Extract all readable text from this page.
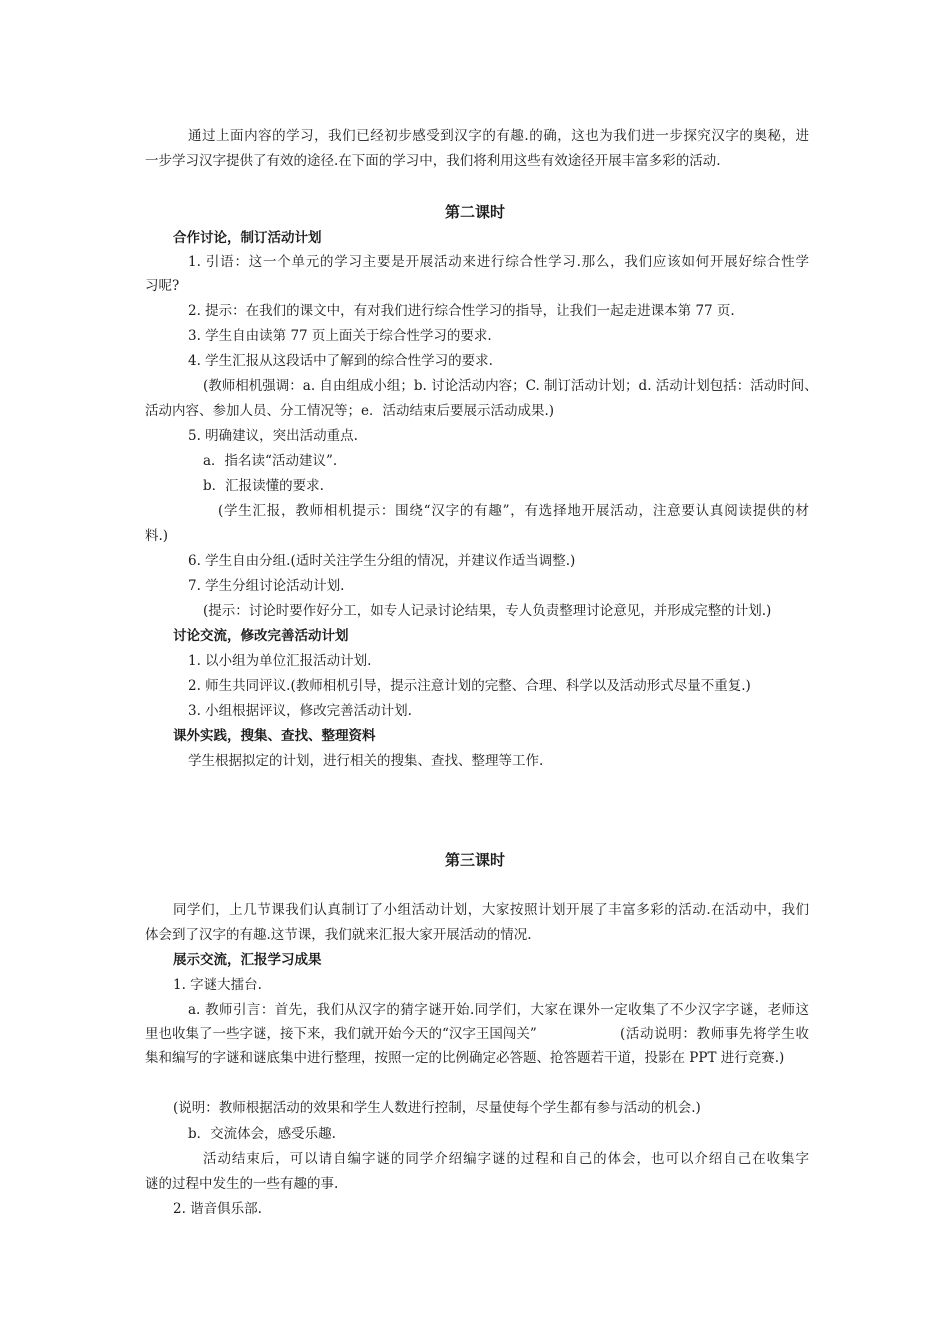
通过上面内容的学习，我们已经初步感受到汉字的有趣.的确，这也为我们进一步探究汉字的奥秘，进
一步学习汉字提供了有效的途径.在下面的学习中，我们将利用这些有效途径开展丰富多彩的活动.
第二课时
合作讨论，制订活动计划
1. 引语：这一个单元的学习主要是开展活动来进行综合性学习.那么，我们应该如何开展好综合性学
习呢?
2. 提示：在我们的课文中，有对我们进行综合性学习的指导，让我们一起走进课本第 77 页.
3. 学生自由读第 77 页上面关于综合性学习的要求.
4. 学生汇报从这段话中了解到的综合性学习的要求.
(教师相机强调：a. 自由组成小组；b. 讨论活动内容；C. 制订活动计划；d. 活动计划包括：活动时间、
活动内容、参加人员、分工情况等；e．活动结束后要展示活动成果.)
5. 明确建议，突出活动重点.
a．指名读“活动建议”.
b．汇报读懂的要求.
(学生汇报，教师相机提示：围绕“汉字的有趣”，有选择地开展活动，注意要认真阅读提供的材
料.)
6. 学生自由分组.(适时关注学生分组的情况，并建议作适当调整.)
7. 学生分组讨论活动计划.
(提示：讨论时要作好分工，如专人记录讨论结果，专人负责整理讨论意见，并形成完整的计划.)
讨论交流，修改完善活动计划
1. 以小组为单位汇报活动计划.
2. 师生共同评议.(教师相机引导，提示注意计划的完整、合理、科学以及活动形式尽量不重复.)
3. 小组根据评议，修改完善活动计划.
课外实践，搜集、查找、整理资料
学生根据拟定的计划，进行相关的搜集、查找、整理等工作.
第三课时
同学们，上几节课我们认真制订了小组活动计划，大家按照计划开展了丰富多彩的活动.在活动中，我们
体会到了汉字的有趣.这节课，我们就来汇报大家开展活动的情况.
展示交流，汇报学习成果
1. 字谜大擂台.
a. 教师引言：首先，我们从汉字的猜字谜开始.同学们，大家在课外一定收集了不少汉字字谜，老师这
里也收集了一些字谜，接下来，我们就开始今天的“汉字王国闯关”	(活动说明：教师事先将学生收
集和编写的字谜和谜底集中进行整理，按照一定的比例确定必答题、抢答题若干道，投影在 PPT 进行竞赛.)
(说明：教师根据活动的效果和学生人数进行控制，尽量使每个学生都有参与活动的机会.)
b．交流体会，感受乐趣.
活动结束后，可以请自编字谜的同学介绍编字谜的过程和自己的体会，也可以介绍自己在收集字
谜的过程中发生的一些有趣的事.
2. 谐音俱乐部.
